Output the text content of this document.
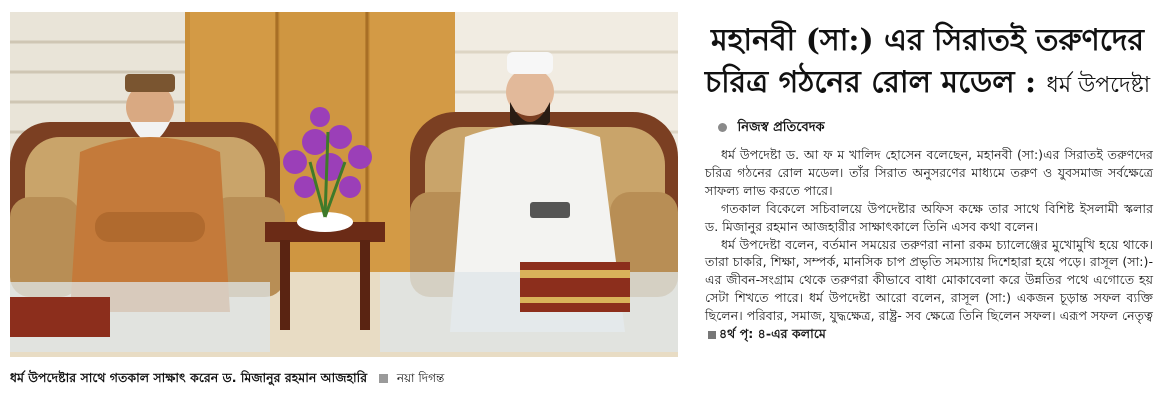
ধর্ম উপদেষ্টার সাথে গতকাল সাক্ষাৎ করেন ড. মিজানুর রহমান আজহারি নয়া দিগন্ত
মহানবী (সা:) এর সিরাতই তরুণদের
চরিত্র গঠনের রোল মডেল : ধর্ম উপদেষ্টা
নিজস্ব প্রতিবেদক

ধর্ম উপদেষ্টা ড. আ ফ ম খালিদ হোসেন বলেছেন, মহানবী (সা:)এর সিরাতই তরুণদের চরিত্র গঠনের রোল মডেল। তাঁর সিরাত অনুসরণের মাধ্যমে তরুণ ও যুবসমাজ সর্বক্ষেত্রে সাফল্য লাভ করতে পারে।

গতকাল বিকেলে সচিবালয়ে উপদেষ্টার অফিস কক্ষে তার সাথে বিশিষ্ট ইসলামী স্কলার ড. মিজানুর রহমান আজহারীর সাক্ষাৎকালে তিনি এসব কথা বলেন।

ধর্ম উপদেষ্টা বলেন, বর্তমান সময়ের তরুণরা নানা রকম চ্যালেঞ্জের মুখোমুখি হয়ে থাকে। তারা চাকরি, শিক্ষা, সম্পর্ক, মানসিক চাপ প্রভৃতি সমস্যায় দিশেহারা হয়ে পড়ে। রাসূল (সা:)-এর জীবন-সংগ্রাম থেকে তরুণরা কীভাবে বাধা মোকাবেলা করে উন্নতির পথে এগোতে হয় সেটা শিখতে পারে। ধর্ম উপদেষ্টা আরো বলেন, রাসূল (সা:) একজন চূড়ান্ত সফল ব্যক্তি ছিলেন। পরিবার, সমাজ, যুদ্ধক্ষেত্র, রাষ্ট্র- সব ক্ষেত্রে তিনি ছিলেন সফল। এরূপ সফল নেতৃত্ব৪র্থ পৃ: ৪-এর কলামে
